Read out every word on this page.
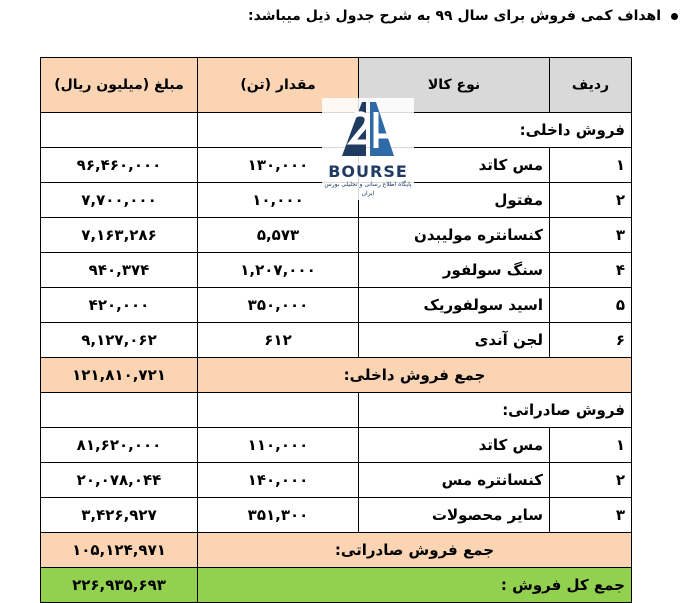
اهداف کمی فروش برای سال ۹۹ به شرح جدول ذیل میباشد:
ردیف	نوع کالا	مقدار (تن)	مبلغ (میلیون ریال)
فروش داخلی:			
۱	مس کاتد	۱۳۰,۰۰۰	۹۶,۴۶۰,۰۰۰
۲	مفتول	۱۰,۰۰۰	۷,۷۰۰,۰۰۰
۳	کنسانتره مولیبدن	۵,۵۷۳	۷,۱۶۳,۲۸۶
۴	سنگ سولفور	۱,۲۰۷,۰۰۰	۹۴۰,۳۷۴
۵	اسید سولفوریک	۳۵۰,۰۰۰	۴۲۰,۰۰۰
۶	لجن آندی	۶۱۲	۹,۱۲۷,۰۶۲
جمع فروش داخلی:			۱۲۱,۸۱۰,۷۲۱
فروش صادراتی:			
۱	مس کاتد	۱۱۰,۰۰۰	۸۱,۶۲۰,۰۰۰
۲	کنسانتره مس	۱۴۰,۰۰۰	۲۰,۰۷۸,۰۴۴
۳	سایر محصولات	۳۵۱,۳۰۰	۳,۴۲۶,۹۲۷
جمع فروش صادراتی:			۱۰۵,۱۲۴,۹۷۱
جمع کل فروش :			۲۲۶,۹۳۵,۶۹۳
BOURSE
پایگاه اطلاع رسانی و تحلیلی بورس ایران
